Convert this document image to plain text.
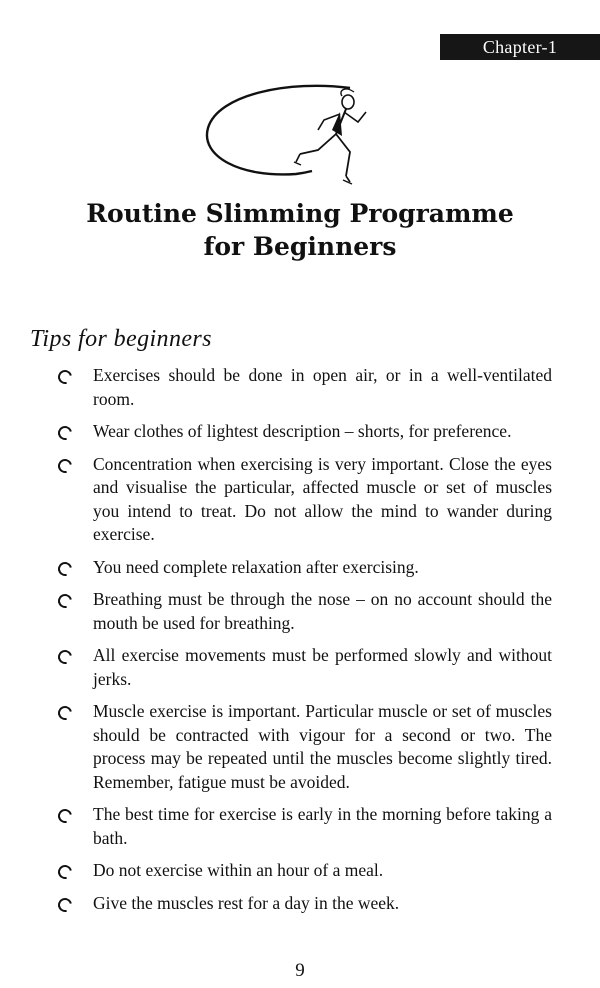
Chapter-1
Routine Slimming Programme

for Beginners
Tips for beginners
Exercises should be done in open air, or in a well-ventilated room.
Wear clothes of lightest description – shorts, for preference.
Concentration when exercising is very important. Close the eyes and visualise the particular, affected muscle or set of muscles you intend to treat. Do not allow the mind to wander during exercise.
You need complete relaxation after exercising.
Breathing must be through the nose – on no account should the mouth be used for breathing.
All exercise movements must be performed slowly and without jerks.
Muscle exercise is important. Particular muscle or set of muscles should be contracted with vigour for a second or two. The process may be repeated until the muscles become slightly tired. Remember, fatigue must be avoided.
The best time for exercise is early in the morning before taking a bath.
Do not exercise within an hour of a meal.
Give the muscles rest for a day in the week.
9
